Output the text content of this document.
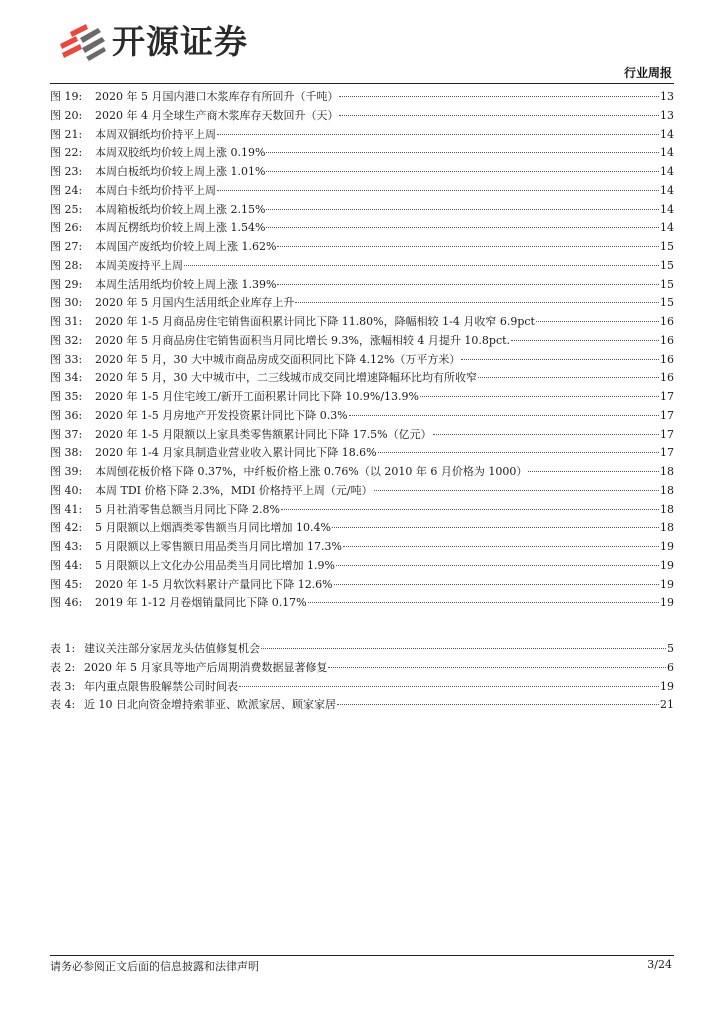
开源证券
行业周报
图 19:	2020 年 5 月国内港口木浆库存有所回升（千吨）	13
图 20:	2020 年 4 月全球生产商木浆库存天数回升（天）	13
图 21:	本周双铜纸均价持平上周	14
图 22:	本周双胶纸均价较上周上涨 0.19%	14
图 23:	本周白板纸均价较上周上涨 1.01%	14
图 24:	本周白卡纸均价持平上周	14
图 25:	本周箱板纸均价较上周上涨 2.15%	14
图 26:	本周瓦楞纸均价较上周上涨 1.54%	14
图 27:	本周国产废纸均价较上周上涨 1.62%	15
图 28:	本周美废持平上周	15
图 29:	本周生活用纸均价较上周上涨 1.39%	15
图 30:	2020 年 5 月国内生活用纸企业库存上升	15
图 31:	2020 年 1-5 月商品房住宅销售面积累计同比下降 11.80%，降幅相较 1-4 月收窄 6.9pct	16
图 32:	2020 年 5 月商品房住宅销售面积当月同比增长 9.3%，涨幅相较 4 月提升 10.8pct.	16
图 33:	2020 年 5 月，30 大中城市商品房成交面积同比下降 4.12%（万平方米）	16
图 34:	2020 年 5 月，30 大中城市中，二三线城市成交同比增速降幅环比均有所收窄	16
图 35:	2020 年 1-5 月住宅竣工/新开工面积累计同比下降 10.9%/13.9%	17
图 36:	2020 年 1-5 月房地产开发投资累计同比下降 0.3%	17
图 37:	2020 年 1-5 月限额以上家具类零售额累计同比下降 17.5%（亿元）	17
图 38:	2020 年 1-4 月家具制造业营业收入累计同比下降 18.6%	17
图 39:	本周刨花板价格下降 0.37%，中纤板价格上涨 0.76%（以 2010 年 6 月价格为 1000）	18
图 40:	本周 TDI 价格下降 2.3%，MDI 价格持平上周（元/吨）	18
图 41:	5 月社消零售总额当月同比下降 2.8%	18
图 42:	5 月限额以上烟酒类零售额当月同比增加 10.4%	18
图 43:	5 月限额以上零售额日用品类当月同比增加 17.3%	19
图 44:	5 月限额以上文化办公用品类当月同比增加 1.9%	19
图 45:	2020 年 1-5 月软饮料累计产量同比下降 12.6%	19
图 46:	2019 年 1-12 月卷烟销量同比下降 0.17%	19
表 1: 建议关注部分家居龙头估值修复机会	5
表 2: 2020 年 5 月家具等地产后周期消费数据显著修复	6
表 3: 年内重点限售股解禁公司时间表	19
表 4: 近 10 日北向资金增持索菲亚、欧派家居、顾家家居	21
请务必参阅正文后面的信息披露和法律声明	3/24
